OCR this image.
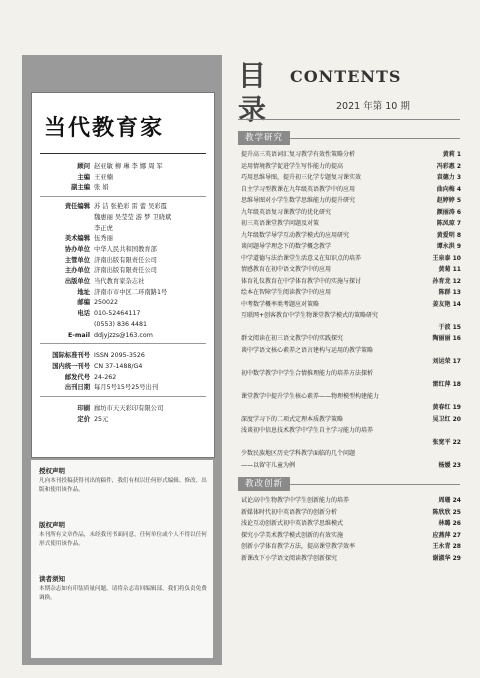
当代教育家
顾问 赵亚敏 柳 琳 李 娜 周 军
主编 王亚楠
副主编 张 娟
责任编辑 苏 洁 张艳彩 雷 蕾 吴彩霞
魏惠丽 吴莹莹 游 梦 卫晓斌
李正虎
美术编辑 伍秀丽
协办单位 中华人民共和国教育部
主管单位 济南出版有限责任公司
主办单位 济南出版有限责任公司
出版单位 当代教育家杂志社
地址 济南市市中区二环南路1号
邮编 250022
电话 010-52464117
(0553) 836 4481
E-mail ddjyjzzs@163.com
国际标准刊号 ISSN 2095-3526
国内统一刊号 CN 37-1488/G4
邮发代号 24-262
出刊日期 每月5号15号25号出刊
印刷 廊坊市天天彩印有限公司
定价 25元
授权声明
凡向本刊投稿获得刊出的稿件，我们有权以任何形式编辑、修改、出版和使用该作品。
版权声明
本刊所有文章作品，未经我刊书面同意，任何单位或个人不得以任何形式使用该作品。
读者须知
本期杂志如有印装质量问题，请将杂志寄回编辑部，我们将负责免费调换。
目
录
CONTENTS
2021 年第 10 期
教学研究
提升高三英语词汇复习教学有效性策略分析	黄莉 1
运用情境教学促进学生写作能力的提高	冯彩惠 2
巧用思维导图，提升初三化学专题复习课实效	袁德力 3
自主学习型教课在九年级英语教学中的应用	曲向梅 4
思维导图对小学生数学思维能力的提升研究	赵婷婷 5
九年级英语复习课教学的优化研究	颜丽涛 6
初三英语课堂教学问题及对策	陈凤琼 7
九年级数学导学互动教学模式的应用研究	黄爱明 8
谈问题导学理念下的数学概念教学	谭永洪 9
中学道德与法治课堂生活意义在知识点的培养	王泉泰 10
情感教育在初中语文教学中的应用	黄菊 11
体育礼仪教育在中学体育教学中的实施与探讨	孙育龙 12
绘本在智障学生阅读教学中的应用	陈群 13
中考数学概率类考题应对策略	姜友艳 14
互联网+创客教育中学生物课堂教学模式的策略研究
于波 15
群文阅读在初三语文教学中的实践探究	陶丽丽 16
谈中学语文核心素养之语言建构与运用的教学策略
刘运荣 17
初中数学教学中学生合情推理能力的培养方法探析
雷红萍 18
课堂教学中提升学生核心素养——物理模型构建能力
黄春红 19
深度学习下的二项式定理本质教学策略	吴卫红 20
浅谈初中信息技术教学中学生自主学习能力的培养
张宽平 22
少数民族地区历史学科教学面临的几个问题
——以留守儿童为例	杨媛 23
教改创新
试论高中生物教学中学生创新能力的培养	周珊 24
新媒体时代初中英语教学的创新分析	陈欣欣 25
浅论互动创新式初中英语教学思维模式	林璐 26
探究小学美术教学模式创新的有效实施	应燕萍 27
创新小学体育教学方法，提高课堂教学效率	王永青 28
新课改下小学语文阅读教学创新探究	谢淑华 29
